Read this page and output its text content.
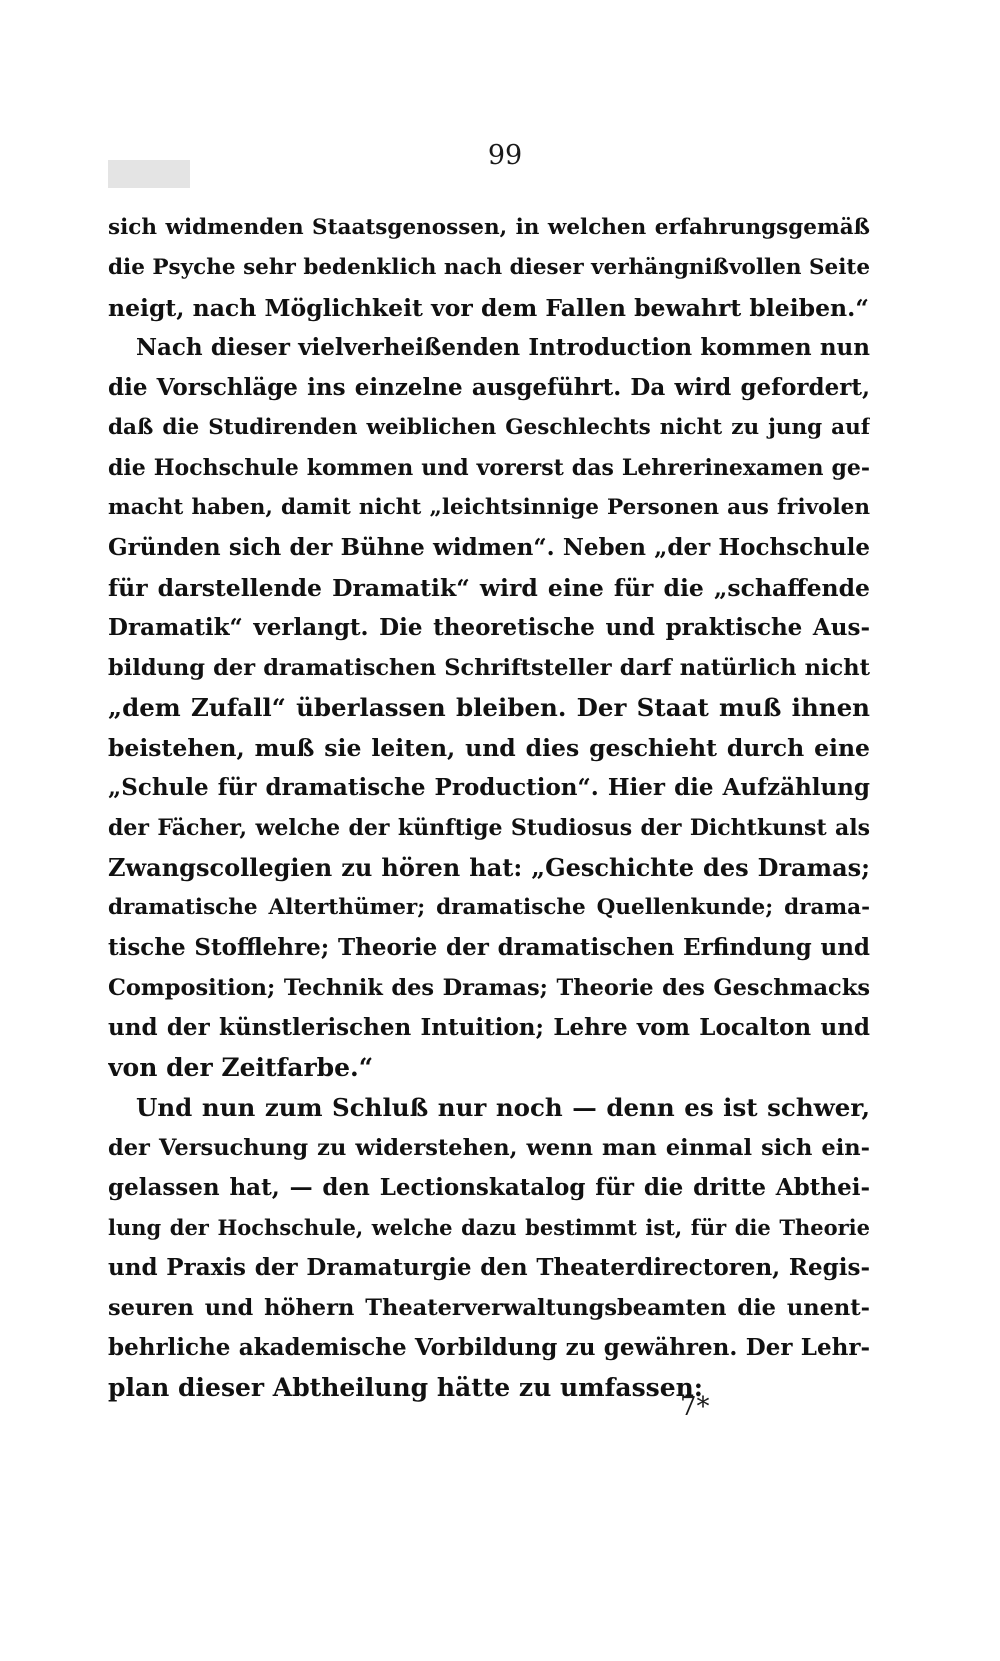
99
sich widmenden Staatsgenossen, in welchen erfahrungsgemäß
die Psyche sehr bedenklich nach dieser verhängnißvollen Seite
neigt, nach Möglichkeit vor dem Fallen bewahrt bleiben.“
Nach dieser vielverheißenden Introduction kommen nun
die Vorschläge ins einzelne ausgeführt. Da wird gefordert,
daß die Studirenden weiblichen Geschlechts nicht zu jung auf
die Hochschule kommen und vorerst das Lehrerinexamen ge-
macht haben, damit nicht „leichtsinnige Personen aus frivolen
Gründen sich der Bühne widmen“. Neben „der Hochschule
für darstellende Dramatik“ wird eine für die „schaffende
Dramatik“ verlangt. Die theoretische und praktische Aus-
bildung der dramatischen Schriftsteller darf natürlich nicht
„dem Zufall“ überlassen bleiben. Der Staat muß ihnen
beistehen, muß sie leiten, und dies geschieht durch eine
„Schule für dramatische Production“. Hier die Aufzählung
der Fächer, welche der künftige Studiosus der Dichtkunst als
Zwangscollegien zu hören hat: „Geschichte des Dramas;
dramatische Alterthümer; dramatische Quellenkunde; drama-
tische Stofflehre; Theorie der dramatischen Erfindung und
Composition; Technik des Dramas; Theorie des Geschmacks
und der künstlerischen Intuition; Lehre vom Localton und
von der Zeitfarbe.“
Und nun zum Schluß nur noch — denn es ist schwer,
der Versuchung zu widerstehen, wenn man einmal sich ein-
gelassen hat, — den Lectionskatalog für die dritte Abthei-
lung der Hochschule, welche dazu bestimmt ist, für die Theorie
und Praxis der Dramaturgie den Theaterdirectoren, Regis-
seuren und höhern Theaterverwaltungsbeamten die unent-
behrliche akademische Vorbildung zu gewähren. Der Lehr-
plan dieser Abtheilung hätte zu umfassen:
7*
